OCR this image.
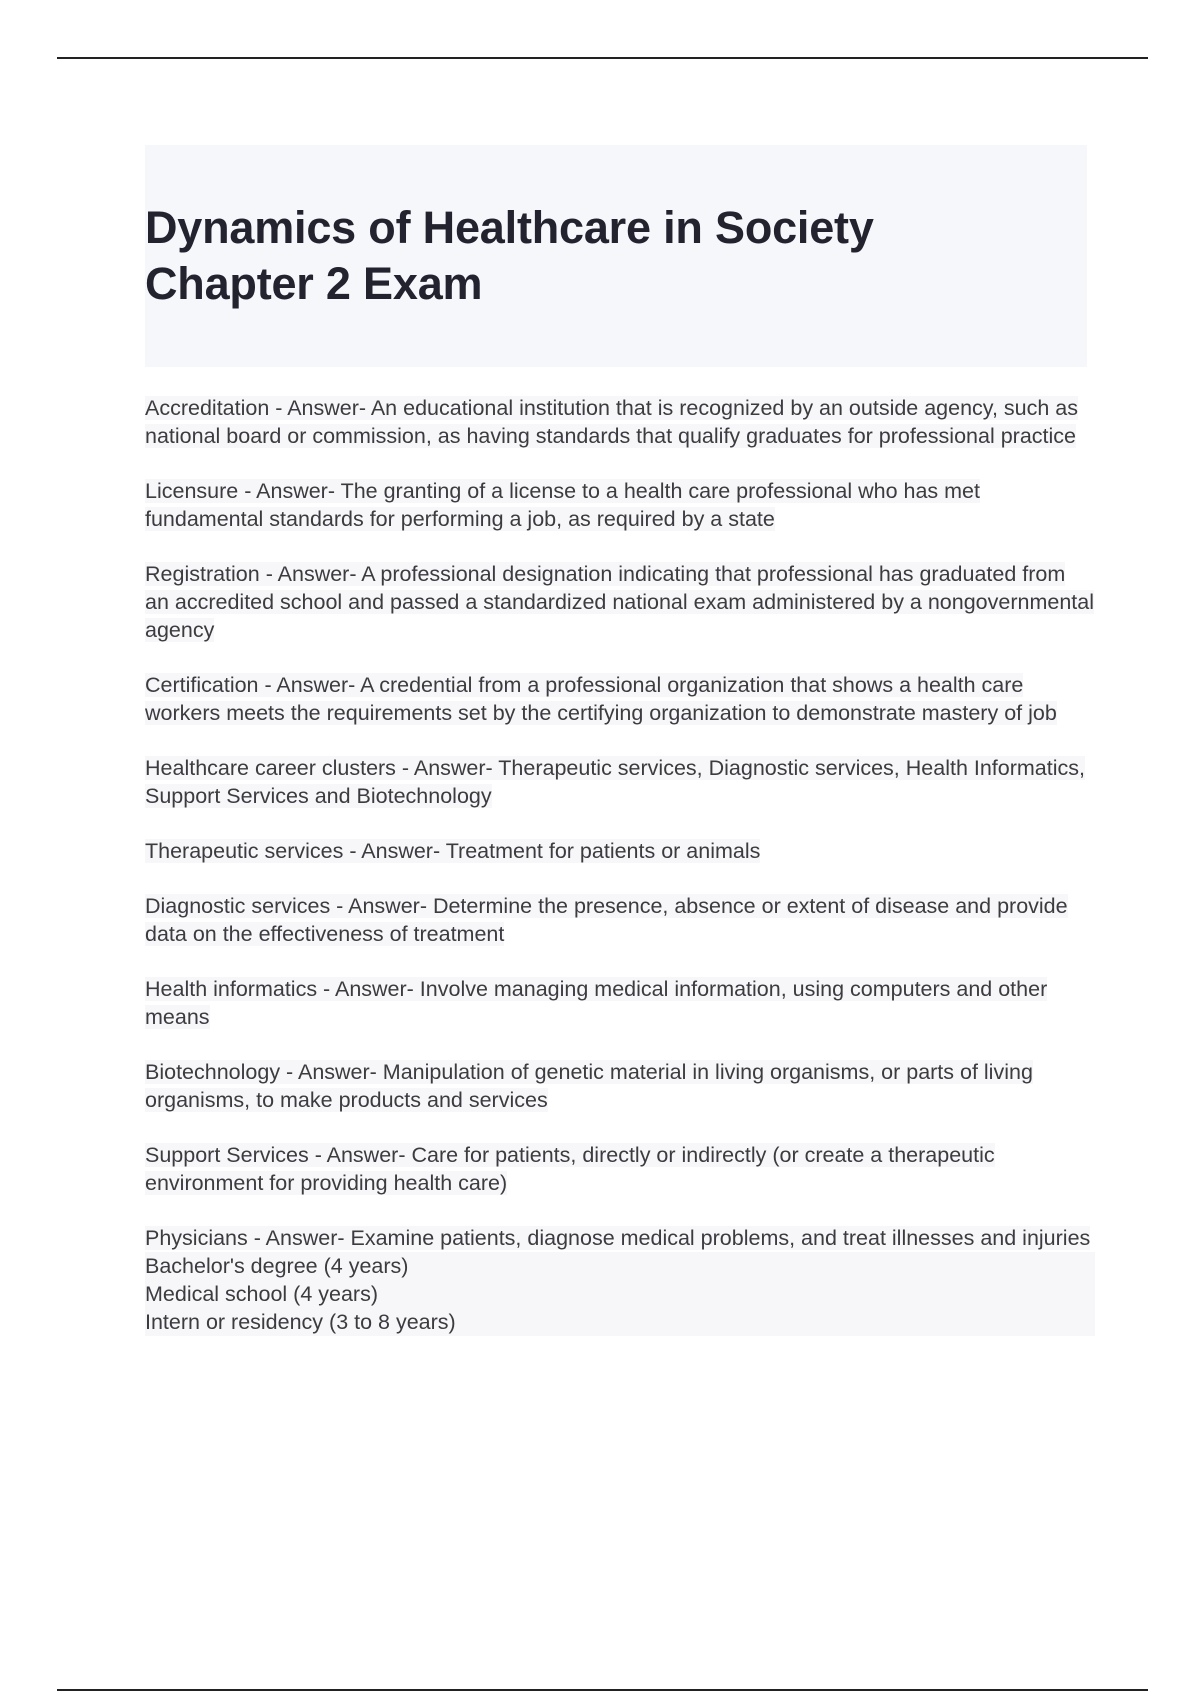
Dynamics of Healthcare in Society
Chapter 2 Exam

Accreditation - Answer- An educational institution that is recognized by an outside agency, such as national board or commission, as having standards that qualify graduates for professional practice

Licensure - Answer- The granting of a license to a health care professional who has met fundamental standards for performing a job, as required by a state

Registration - Answer- A professional designation indicating that professional has graduated from an accredited school and passed a standardized national exam administered by a nongovernmental agency

Certification - Answer- A credential from a professional organization that shows a health care workers meets the requirements set by the certifying organization to demonstrate mastery of job

Healthcare career clusters - Answer- Therapeutic services, Diagnostic services, Health Informatics, Support Services and Biotechnology

Therapeutic services - Answer- Treatment for patients or animals

Diagnostic services - Answer- Determine the presence, absence or extent of disease and provide data on the effectiveness of treatment

Health informatics - Answer- Involve managing medical information, using computers and other means

Biotechnology - Answer- Manipulation of genetic material in living organisms, or parts of living organisms, to make products and services

Support Services - Answer- Care for patients, directly or indirectly (or create a therapeutic environment for providing health care)

Physicians - Answer- Examine patients, diagnose medical problems, and treat illnesses and injuries
Bachelor's degree (4 years)
Medical school (4 years)
Intern or residency (3 to 8 years)
